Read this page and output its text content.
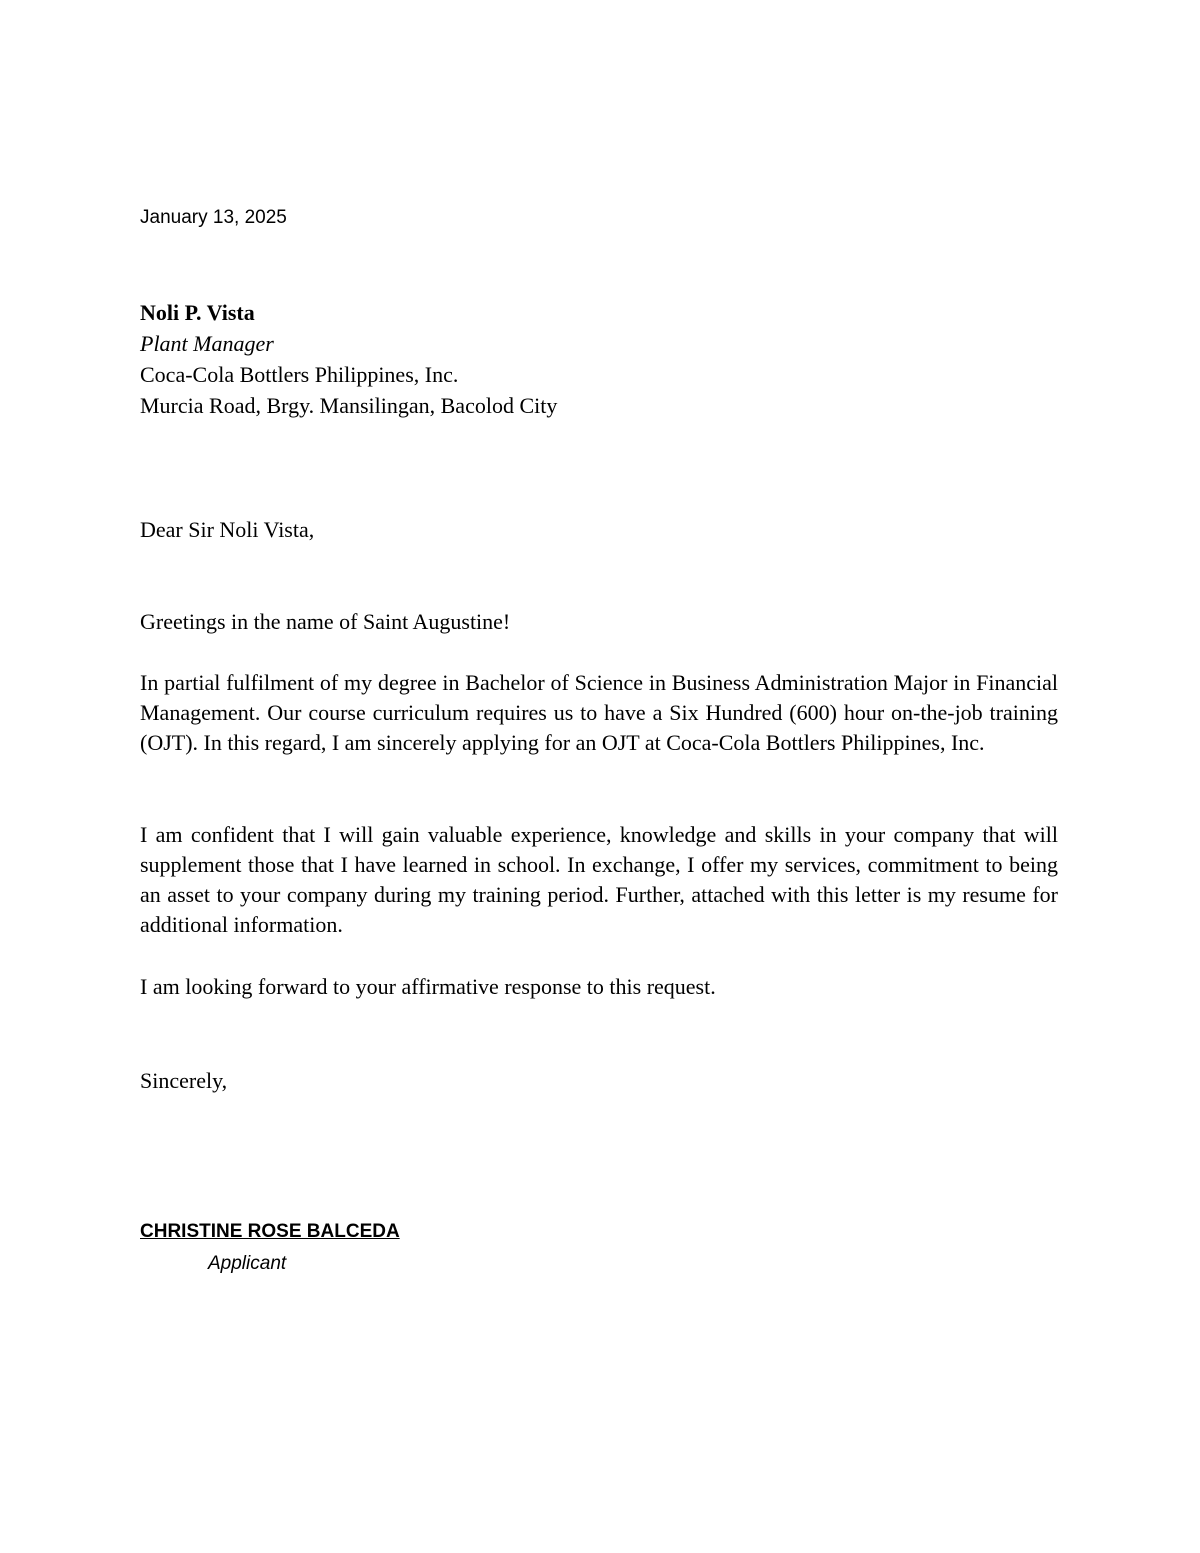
January 13, 2025
Noli P. Vista
Plant Manager
Coca-Cola Bottlers Philippines, Inc.
Murcia Road, Brgy. Mansilingan, Bacolod City
Dear Sir Noli Vista,
Greetings in the name of Saint Augustine!

In partial fulfilment of my degree in Bachelor of Science in Business Administration Major in Financial Management. Our course curriculum requires us to have a Six Hundred (600) hour on-the-job training (OJT). In this regard, I am sincerely applying for an OJT at Coca-Cola Bottlers Philippines, Inc.

I am confident that I will gain valuable experience, knowledge and skills in your company that will supplement those that I have learned in school. In exchange, I offer my services, commitment to being an asset to your company during my training period. Further, attached with this letter is my resume for additional information.

I am looking forward to your affirmative response to this request.

Sincerely,
CHRISTINE ROSE BALCEDA
Applicant
